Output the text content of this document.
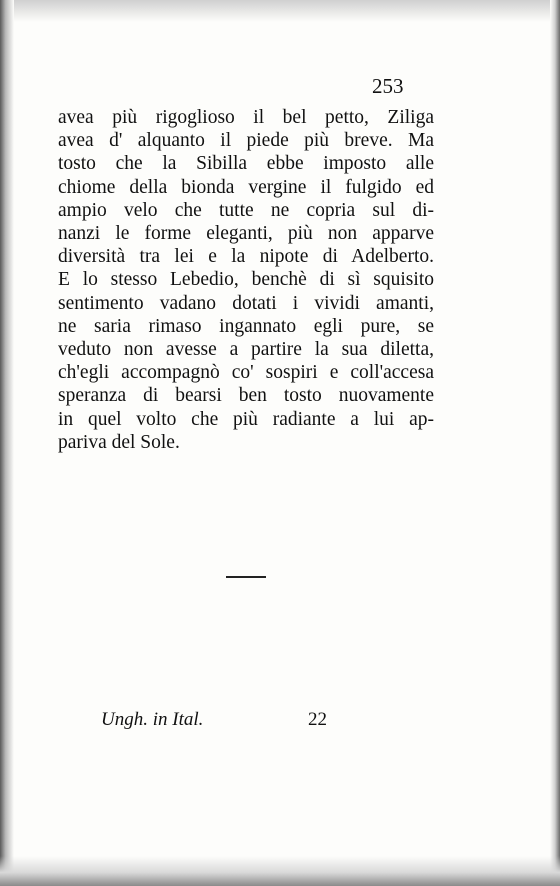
253
avea più rigoglioso il bel petto, Ziliga
avea d' alquanto il piede più breve. Ma
tosto che la Sibilla ebbe imposto alle
chiome della bionda vergine il fulgido ed
ampio velo che tutte ne copria sul di-
nanzi le forme eleganti, più non apparve
diversità tra lei e la nipote di Adelberto.
E lo stesso Lebedio, benchè di sì squisito
sentimento vadano dotati i vividi amanti,
ne saria rimaso ingannato egli pure, se
veduto non avesse a partire la sua diletta,
ch'egli accompagnò co' sospiri e coll'accesa
speranza di bearsi ben tosto nuovamente
in quel volto che più radiante a lui ap-
pariva del Sole.
Ungh. in Ital.	22
